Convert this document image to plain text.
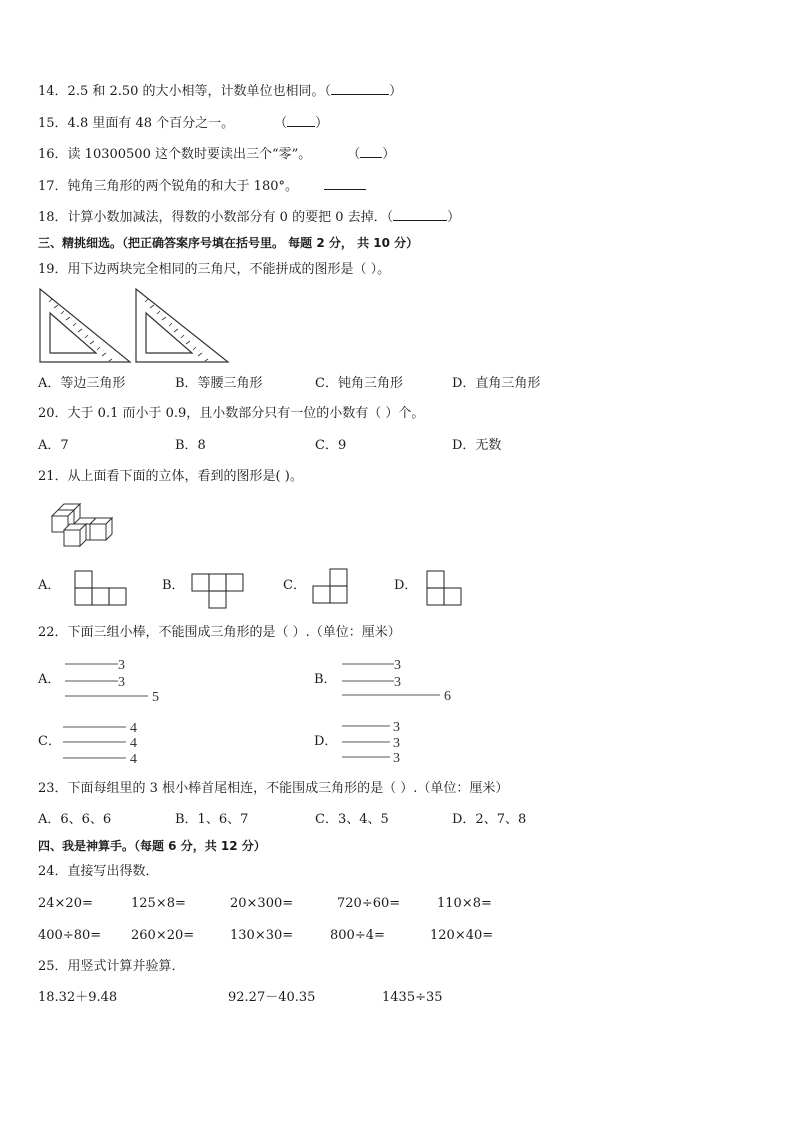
14．2.5 和 2.50 的大小相等，计数单位也相同。（	）
15．4.8 里面有 48 个百分之一。	（ ）
16．读 10300500 这个数时要读出三个“零”。	（ ）
17．钝角三角形的两个锐角的和大于 180°。
18．计算小数加减法，得数的小数部分有 0 的要把 0 去掉．（	）
三、精挑细选。（把正确答案序号填在括号里。 每题 2 分， 共 10 分）
19．用下边两块完全相同的三角尺，不能拼成的图形是（ ）。
A．等边三角形	B．等腰三角形	C．钝角三角形	D．直角三角形
20．大于 0.1 而小于 0.9，且小数部分只有一位的小数有（ ）个。
A．7	B．8	C．9	D．无数
21．从上面看下面的立体，看到的图形是( )。
A．	B．	C．	D．
22．下面三组小棒，不能围成三角形的是（ ）.（单位：厘米）
A．
3
3
5
B．
3
3
6
C．
4
4
4
D．
3
3
3
23．下面每组里的 3 根小棒首尾相连，不能围成三角形的是（ ）.（单位：厘米）
A．6、6、6	B．1、6、7	C．3、4、5	D．2、7、8
四、我是神算手。（每题 6 分，共 12 分）
24．直接写出得数．
24×20=	125×8=	20×300=	720÷60=	110×8=
400÷80= 260×20=	130×30=	800÷4=	120×40=
25．用竖式计算并验算．
18.32＋9.48	92.27－40.35	1435÷35
